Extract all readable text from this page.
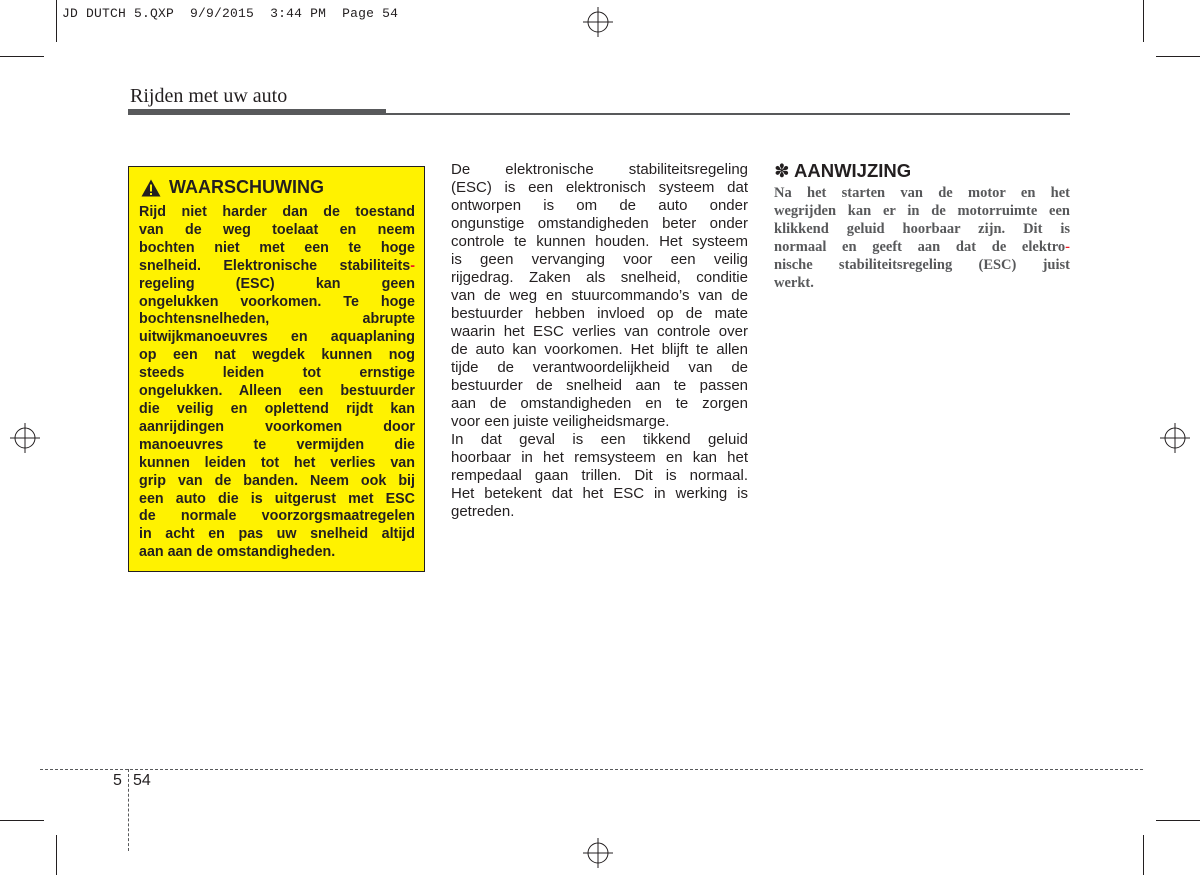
JD DUTCH 5.QXP 9/9/2015 3:44 PM Page 54
Rijden met uw auto
WAARSCHUWING
Rijd niet harder dan de toestand
van de weg toelaat en neem
bochten niet met een te hoge
snelheid. Elektronische stabiliteits-
regeling (ESC) kan geen
ongelukken voorkomen. Te hoge
bochtensnelheden, abrupte
uitwijkmanoeuvres en aquaplaning
op een nat wegdek kunnen nog
steeds leiden tot ernstige
ongelukken. Alleen een bestuurder
die veilig en oplettend rijdt kan
aanrijdingen voorkomen door
manoeuvres te vermijden die
kunnen leiden tot het verlies van
grip van de banden. Neem ook bij
een auto die is uitgerust met ESC
de normale voorzorgsmaatregelen
in acht en pas uw snelheid altijd
aan aan de omstandigheden.
De elektronische stabiliteitsregeling
(ESC) is een elektronisch systeem dat
ontworpen is om de auto onder
ongunstige omstandigheden beter onder
controle te kunnen houden. Het systeem
is geen vervanging voor een veilig
rijgedrag. Zaken als snelheid, conditie
van de weg en stuurcommando’s van de
bestuurder hebben invloed op de mate
waarin het ESC verlies van controle over
de auto kan voorkomen. Het blijft te allen
tijde de verantwoordelijkheid van de
bestuurder de snelheid aan te passen
aan de omstandigheden en te zorgen
voor een juiste veiligheidsmarge.
In dat geval is een tikkend geluid
hoorbaar in het remsysteem en kan het
rempedaal gaan trillen. Dit is normaal.
Het betekent dat het ESC in werking is
getreden.
✽ AANWIJZING
Na het starten van de motor en het
wegrijden kan er in de motorruimte een
klikkend geluid hoorbaar zijn. Dit is
normaal en geeft aan dat de elektro-
nische stabiliteitsregeling (ESC) juist
werkt.
5 54
